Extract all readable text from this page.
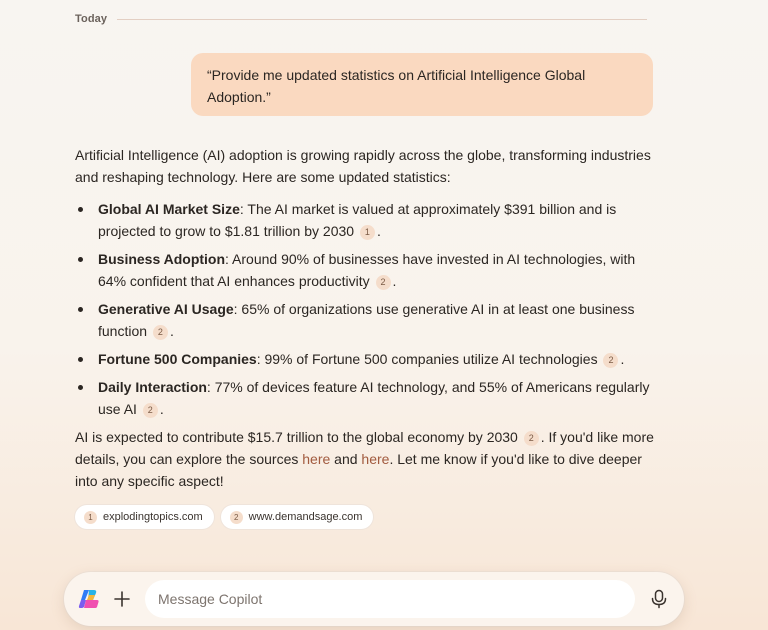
Today
“Provide me updated statistics on Artificial Intelligence Global Adoption.”

Artificial Intelligence (AI) adoption is growing rapidly across the globe, transforming industries and reshaping technology. Here are some updated statistics:

Global AI Market Size: The AI market is valued at approximately $391 billion and is projected to grow to $1.81 trillion by 2030 1 .
Business Adoption: Around 90% of businesses have invested in AI technologies, with 64% confident that AI enhances productivity 2 .
Generative AI Usage: 65% of organizations use generative AI in at least one business function 2 .
Fortune 500 Companies: 99% of Fortune 500 companies utilize AI technologies 2 .
Daily Interaction: 77% of devices feature AI technology, and 55% of Americans regularly use AI 2 .

AI is expected to contribute $15.7 trillion to the global economy by 2030 2 . If you'd like more details, you can explore the sources here and here. Let me know if you'd like to dive deeper into any specific aspect!

1 explodingtopics.com	2 www.demandsage.com
Message Copilot
